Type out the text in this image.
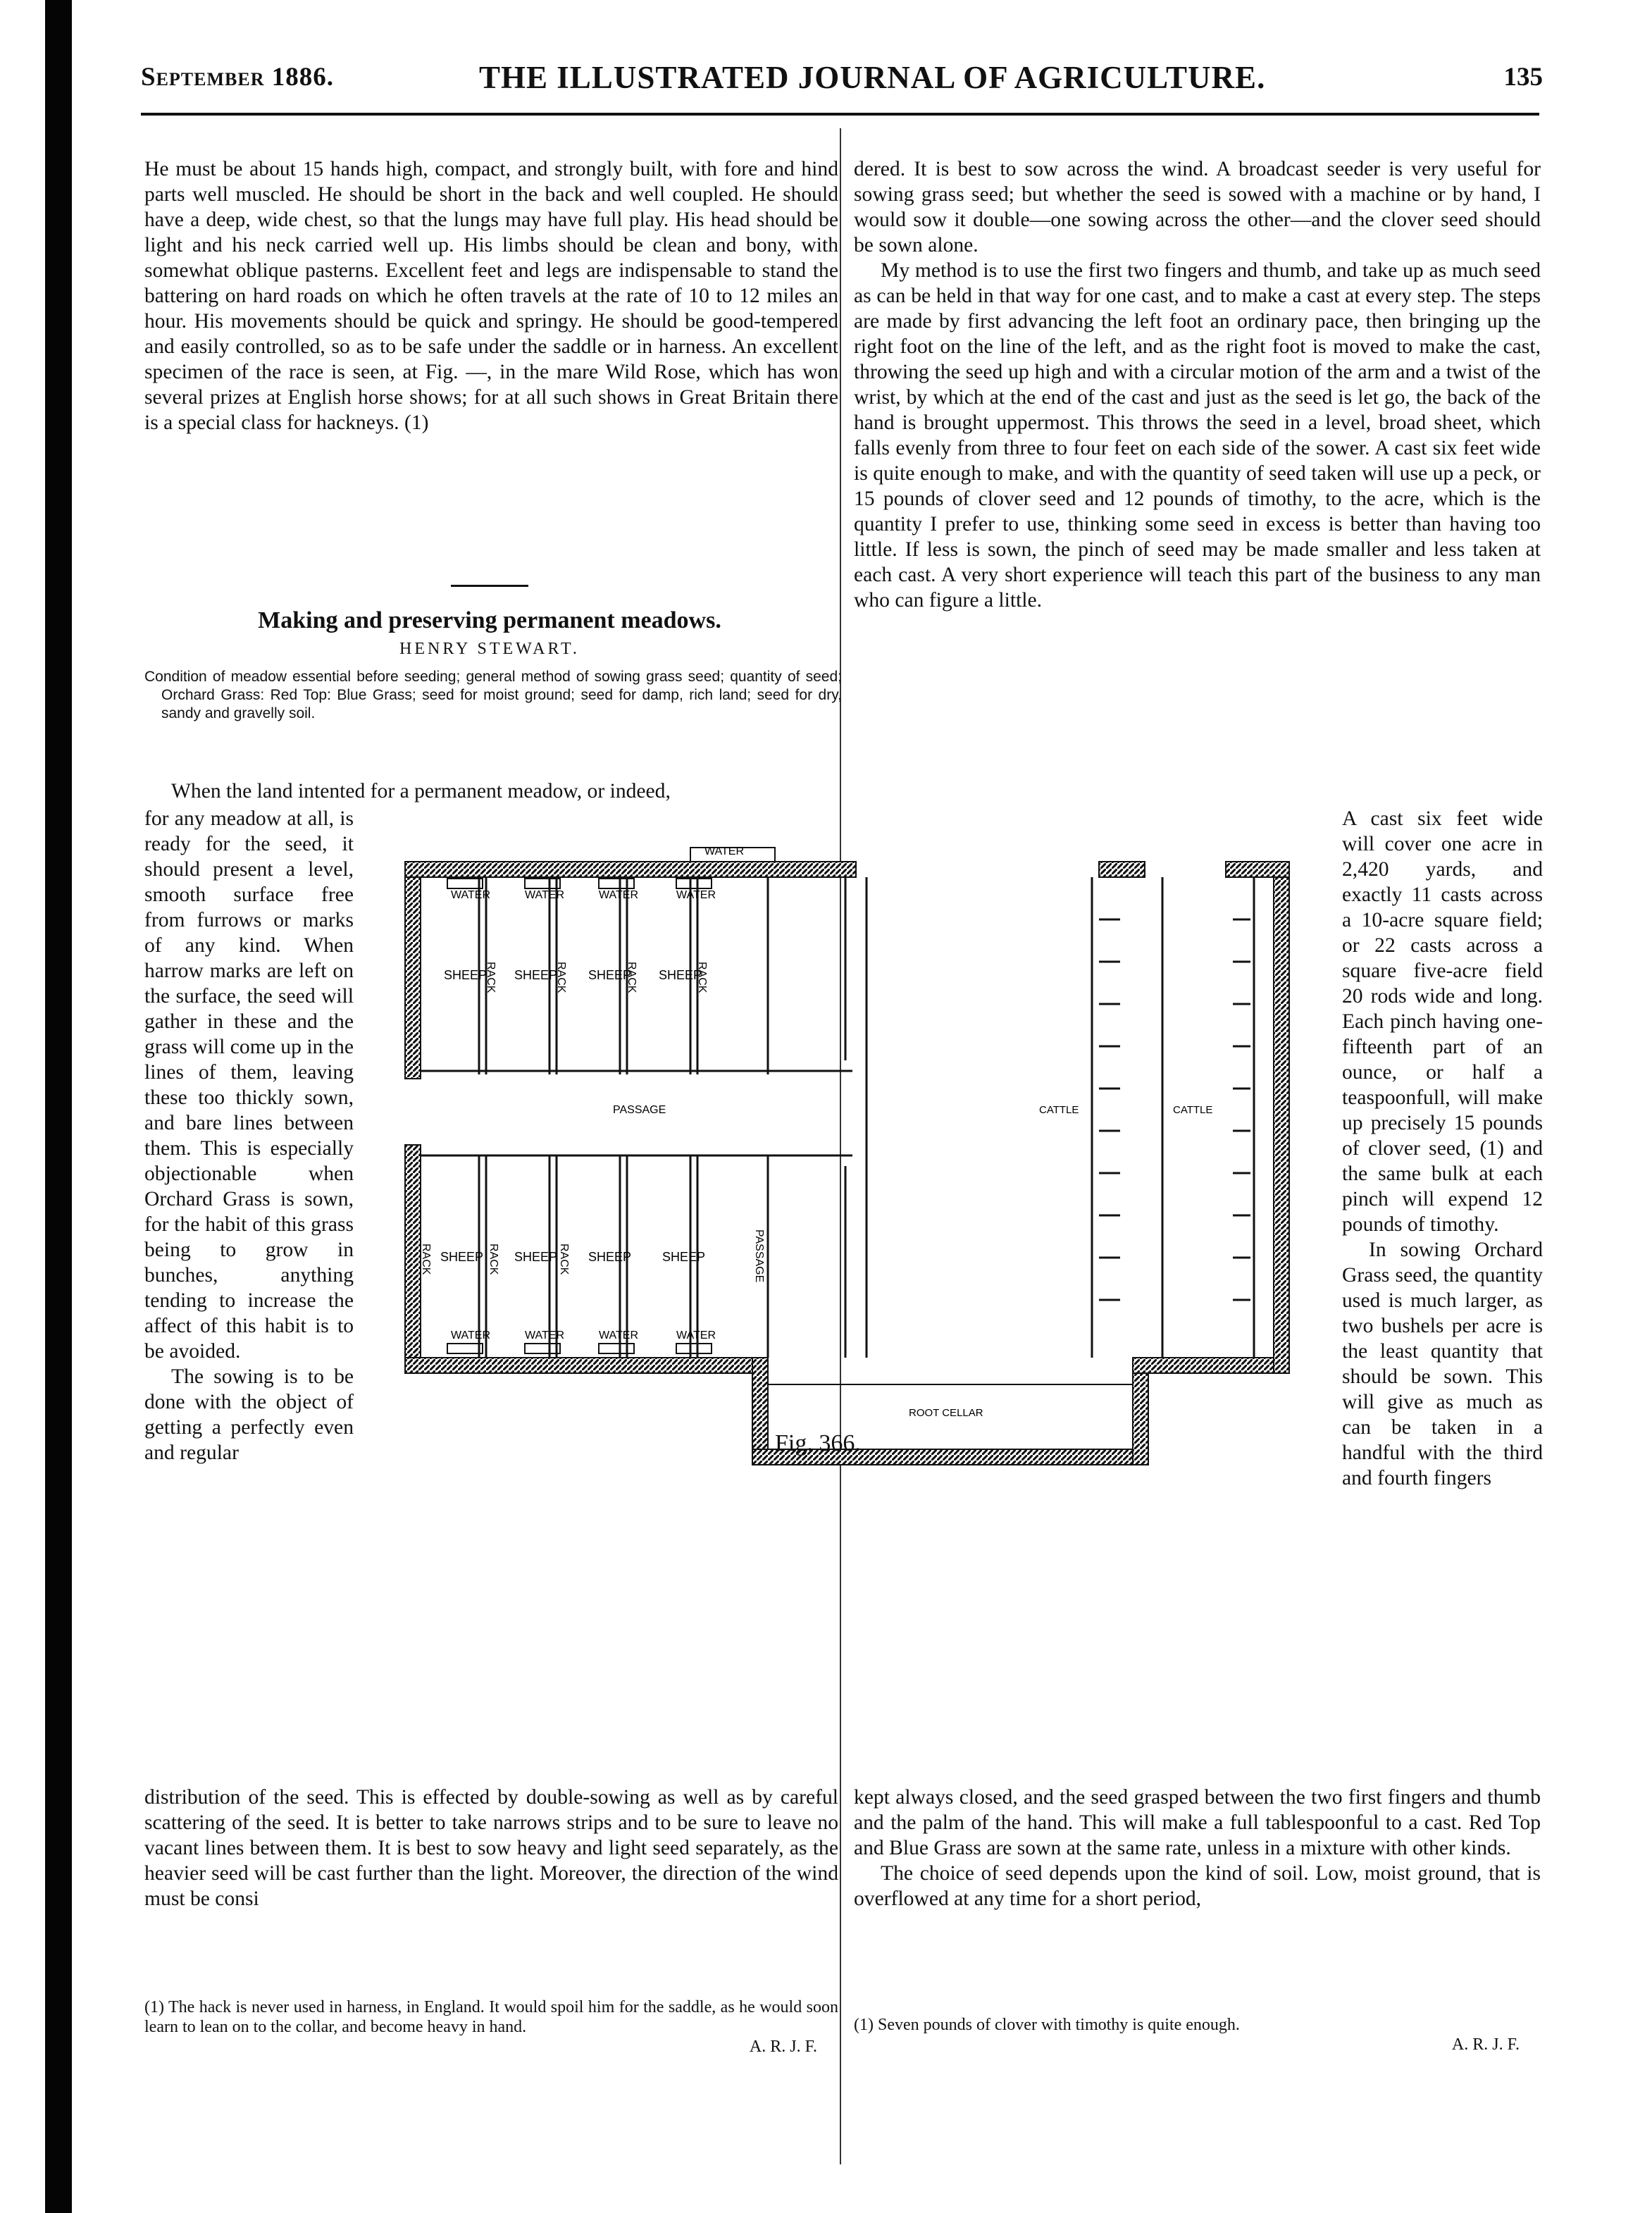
September 1886.	THE ILLUSTRATED JOURNAL OF AGRICULTURE.	135

He must be about 15 hands high, compact, and strongly built, with fore and hind parts well muscled. He should be short in the back and well coupled. He should have a deep, wide chest, so that the lungs may have full play. His head should be light and his neck carried well up. His limbs should be clean and bony, with somewhat oblique pasterns. Excellent feet and legs are indispensable to stand the battering on hard roads on which he often travels at the rate of 10 to 12 miles an hour. His movements should be quick and springy. He should be good-tempered and easily controlled, so as to be safe under the saddle or in harness. An excellent specimen of the race is seen, at Fig. —, in the mare Wild Rose, which has won several prizes at English horse shows; for at all such shows in Great Britain there is a special class for hackneys. (1)

Making and preserving permanent meadows.
HENRY STEWART.
Condition of meadow essential before seeding; general method of sowing grass seed; quantity of seed; Orchard Grass: Red Top: Blue Grass; seed for moist ground; seed for damp, rich land; seed for dry, sandy and gravelly soil.

When the land intented for a permanent meadow, or indeed,

for any meadow at all, is ready for the seed, it should present a level, smooth surface free from furrows or marks of any kind. When harrow marks are left on the surface, the seed will gather in these and the grass will come up in the lines of them, leaving these too thickly sown, and bare lines between them. This is especially objectionable when Orchard Grass is sown, for the habit of this grass being to grow in bunches, anything tending to increase the affect of this habit is to be avoided.

The sowing is to be done with the object of getting a perfectly even and regular

distribution of the seed. This is effected by double-sowing as well as by careful scattering of the seed. It is better to take narrows strips and to be sure to leave no vacant lines between them. It is best to sow heavy and light seed separately, as the heavier seed will be cast further than the light. Moreover, the direction of the wind must be consi

dered. It is best to sow across the wind. A broadcast seeder is very useful for sowing grass seed; but whether the seed is sowed with a machine or by hand, I would sow it double—one sowing across the other—and the clover seed should be sown alone.

My method is to use the first two fingers and thumb, and take up as much seed as can be held in that way for one cast, and to make a cast at every step. The steps are made by first advancing the left foot an ordinary pace, then bringing up the right foot on the line of the left, and as the right foot is moved to make the cast, throwing the seed up high and with a circular motion of the arm and a twist of the wrist, by which at the end of the cast and just as the seed is let go, the back of the hand is brought uppermost. This throws the seed in a level, broad sheet, which falls evenly from three to four feet on each side of the sower. A cast six feet wide is quite enough to make, and with the quantity of seed taken will use up a peck, or 15 pounds of clover seed and 12 pounds of timothy, to the acre, which is the quantity I prefer to use, thinking some seed in excess is better than having too little. If less is sown, the pinch of seed may be made smaller and less taken at each cast. A very short experience will teach this part of the business to any man who can figure a little.

A cast six feet wide will cover one acre in 2,420 yards, and exactly 11 casts across a 10-acre square field; or 22 casts across a square five-acre field 20 rods wide and long. Each pinch having one-fifteenth part of an ounce, or half a teaspoonfull, will make up precisely 15 pounds of clover seed, (1) and the same bulk at each pinch will expend 12 pounds of timothy.

In sowing Orchard Grass seed, the quantity used is much larger, as two bushels per acre is the least quantity that should be sown. This will give as much as can be taken in a handful with the third and fourth fingers

kept always closed, and the seed grasped between the two first fingers and thumb and the palm of the hand. This will make a full tablespoonful to a cast. Red Top and Blue Grass are sown at the same rate, unless in a mixture with other kinds.

The choice of seed depends upon the kind of soil. Low, moist ground, that is overflowed at any time for a short period,

WATER
WATER	WATER	WATER	WATER
SHEEP SHEEP SHEEP SHEEP
PASSAGE	CATTLE	CATTLE
SHEEP SHEEP SHEEP SHEEP
WATER	WATER	WATER	WATER
ROOT CELLAR
RACK	RACK	RACK	RACK
RACK	RACK	RACK	PASSAGE
Fig. 366.
(1) The hack is never used in harness, in England. It would spoil him for the saddle, as he would soon learn to lean on to the collar, and become heavy in hand.
A. R. J. F.
(1) Seven pounds of clover with timothy is quite enough.
A. R. J. F.
